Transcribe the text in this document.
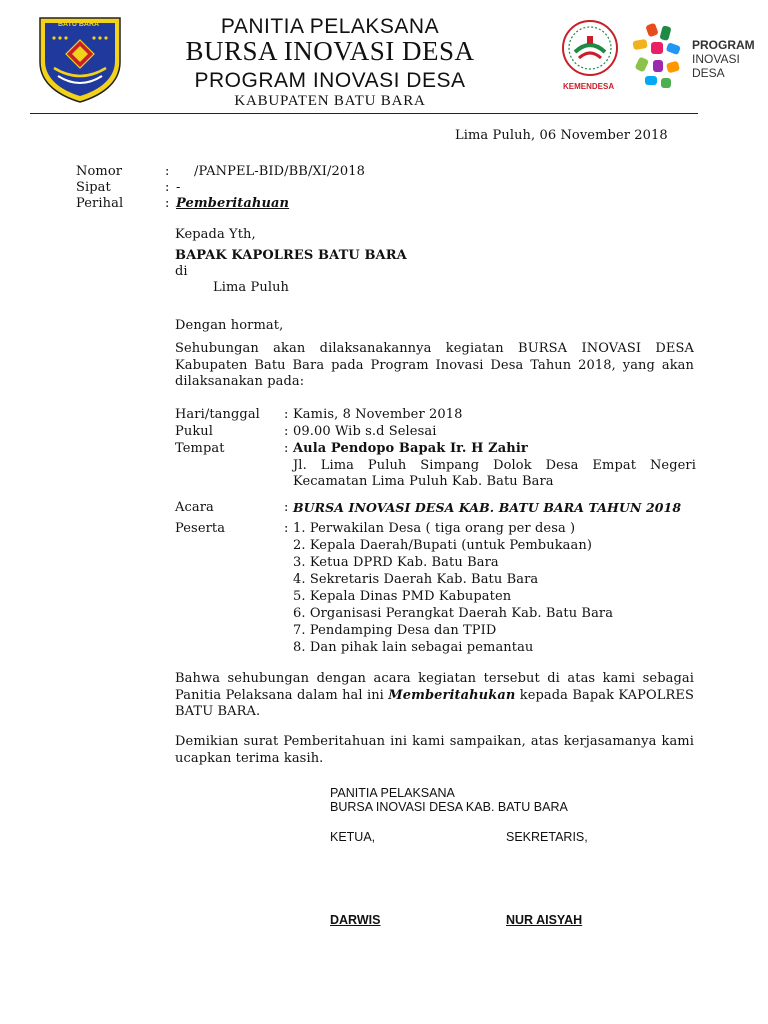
BATU BARA	PANITIA PELAKSANA
BURSA INOVASI DESA
PROGRAM INOVASI DESA
KABUPATEN BATU BARA
KEMENDESA
PROGRAM
INOVASI
DESA
Lima Puluh, 06 November 2018
Nomor	: /PANPEL-BID/BB/XI/2018
Sipat	: -
Perihal	: Pemberitahuan
Kepada Yth,
BAPAK KAPOLRES BATU BARA
di
Lima Puluh
Dengan hormat,
Sehubungan akan dilaksanakannya kegiatan BURSA INOVASI DESA Kabupaten Batu Bara pada Program Inovasi Desa Tahun 2018, yang akan dilaksanakan pada:
Hari/tanggal : Kamis, 8 November 2018
Pukul	: 09.00 Wib s.d Selesai
Tempat	: Aula Pendopo Bapak Ir. H Zahir
Jl. Lima Puluh Simpang Dolok Desa Empat Negeri
Kecamatan Lima Puluh Kab. Batu Bara
Acara	: BURSA INOVASI DESA KAB. BATU BARA TAHUN 2018
Peserta	: 1. Perwakilan Desa ( tiga orang per desa )
2. Kepala Daerah/Bupati (untuk Pembukaan)
3. Ketua DPRD Kab. Batu Bara
4. Sekretaris Daerah Kab. Batu Bara
5. Kepala Dinas PMD Kabupaten
6. Organisasi Perangkat Daerah Kab. Batu Bara
7. Pendamping Desa dan TPID
8. Dan pihak lain sebagai pemantau
Bahwa sehubungan dengan acara kegiatan tersebut di atas kami sebagai Panitia Pelaksana dalam hal ini Memberitahukan kepada Bapak KAPOLRES BATU BARA.
Demikian surat Pemberitahuan ini kami sampaikan, atas kerjasamanya kami ucapkan terima kasih.
PANITIA PELAKSANA
BURSA INOVASI DESA KAB. BATU BARA
KETUA,	SEKRETARIS,
DARWIS	NUR AISYAH
